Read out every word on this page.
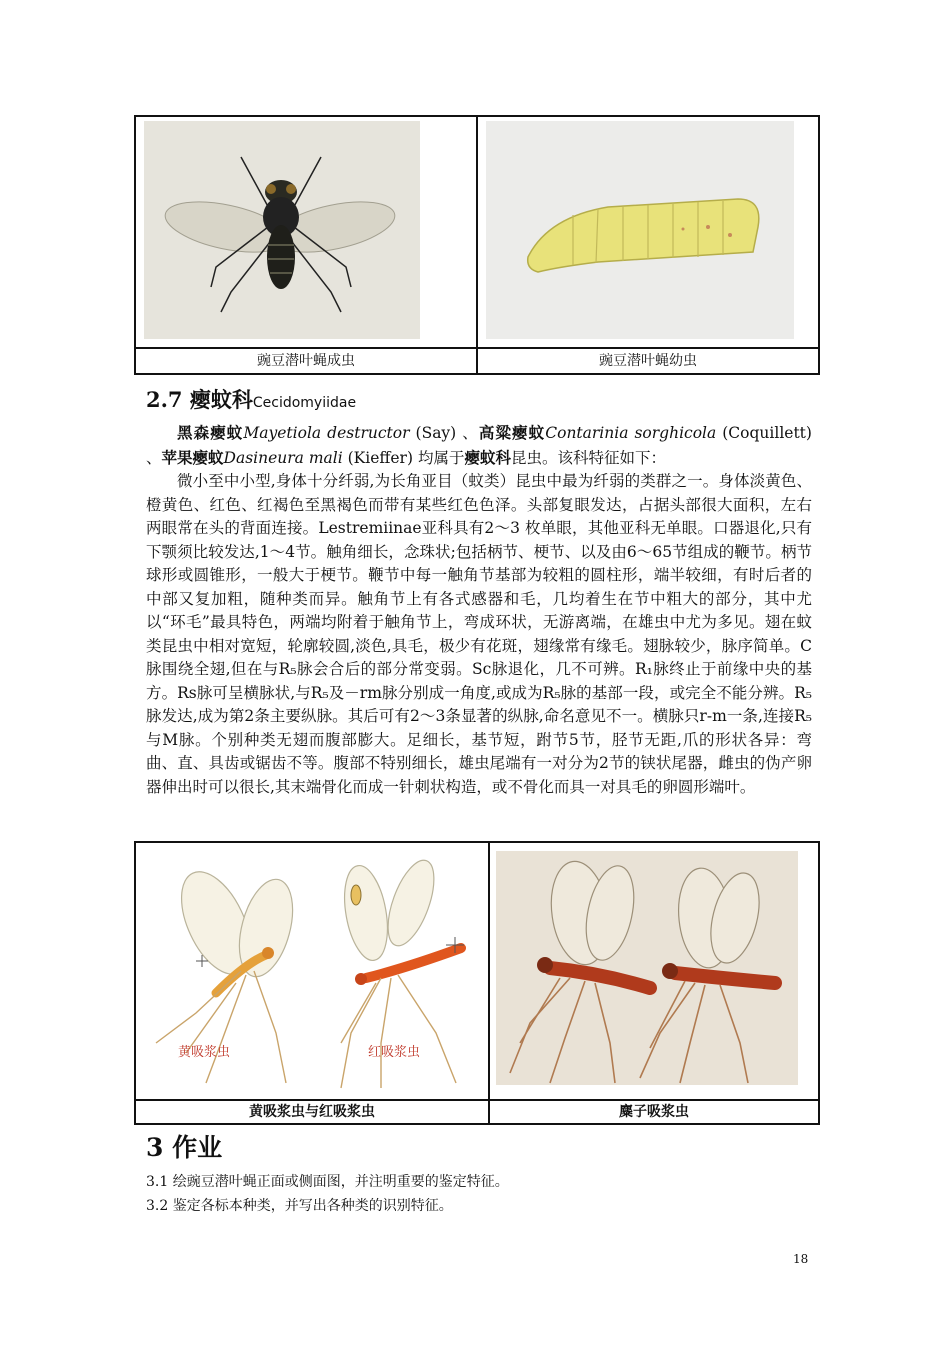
豌豆潜叶蝇成虫	豌豆潜叶蝇幼虫
2.7 瘿蚊科Cecidomyiidae

黑森瘿蚊Mayetiola destructor (Say) 、高粱瘿蚊Contarinia sorghicola (Coquillett) 、苹果瘿蚊Dasineura mali (Kieffer) 均属于瘿蚊科昆虫。该科特征如下：

微小至中小型,身体十分纤弱,为长角亚目（蚊类）昆虫中最为纤弱的类群之一。身体淡黄色、橙黄色、红色、红褐色至黑褐色而带有某些红色色泽。头部复眼发达，占据头部很大面积，左右两眼常在头的背面连接。Lestremiinae亚科具有2～3 枚单眼，其他亚科无单眼。口器退化,只有下颚须比较发达,1～4节。触角细长，念珠状;包括柄节、梗节、以及由6～65节组成的鞭节。柄节球形或圆锥形，一般大于梗节。鞭节中每一触角节基部为较粗的圆柱形，端半较细，有时后者的中部又复加粗，随种类而异。触角节上有各式感器和毛，几均着生在节中粗大的部分，其中尤以“环毛”最具特色，两端均附着于触角节上，弯成环状，无游离端，在雄虫中尤为多见。翅在蚊类昆虫中相对宽短，轮廓较圆,淡色,具毛，极少有花斑，翅缘常有缘毛。翅脉较少，脉序简单。C脉围绕全翅,但在与R₅脉会合后的部分常变弱。Sc脉退化，几不可辨。R₁脉终止于前缘中央的基方。Rs脉可呈横脉状,与R₅及－rm脉分别成一角度,或成为R₅脉的基部一段，或完全不能分辨。R₅脉发达,成为第2条主要纵脉。其后可有2～3条显著的纵脉,命名意见不一。横脉只r-m一条,连接R₅与M脉。个别种类无翅而腹部膨大。足细长，基节短，跗节5节，胫节无距,爪的形状各异：弯曲、直、具齿或锯齿不等。腹部不特别细长，雄虫尾端有一对分为2节的铗状尾器，雌虫的伪产卵器伸出时可以很长,其末端骨化而成一针刺状构造，或不骨化而具一对具毛的卵圆形端叶。

黄吸浆虫 红吸浆虫

黄吸浆虫与红吸浆虫	麋子吸浆虫
3 作业
3.1 绘豌豆潜叶蝇正面或侧面图，并注明重要的鉴定特征。
3.2 鉴定各标本种类，并写出各种类的识别特征。
18
